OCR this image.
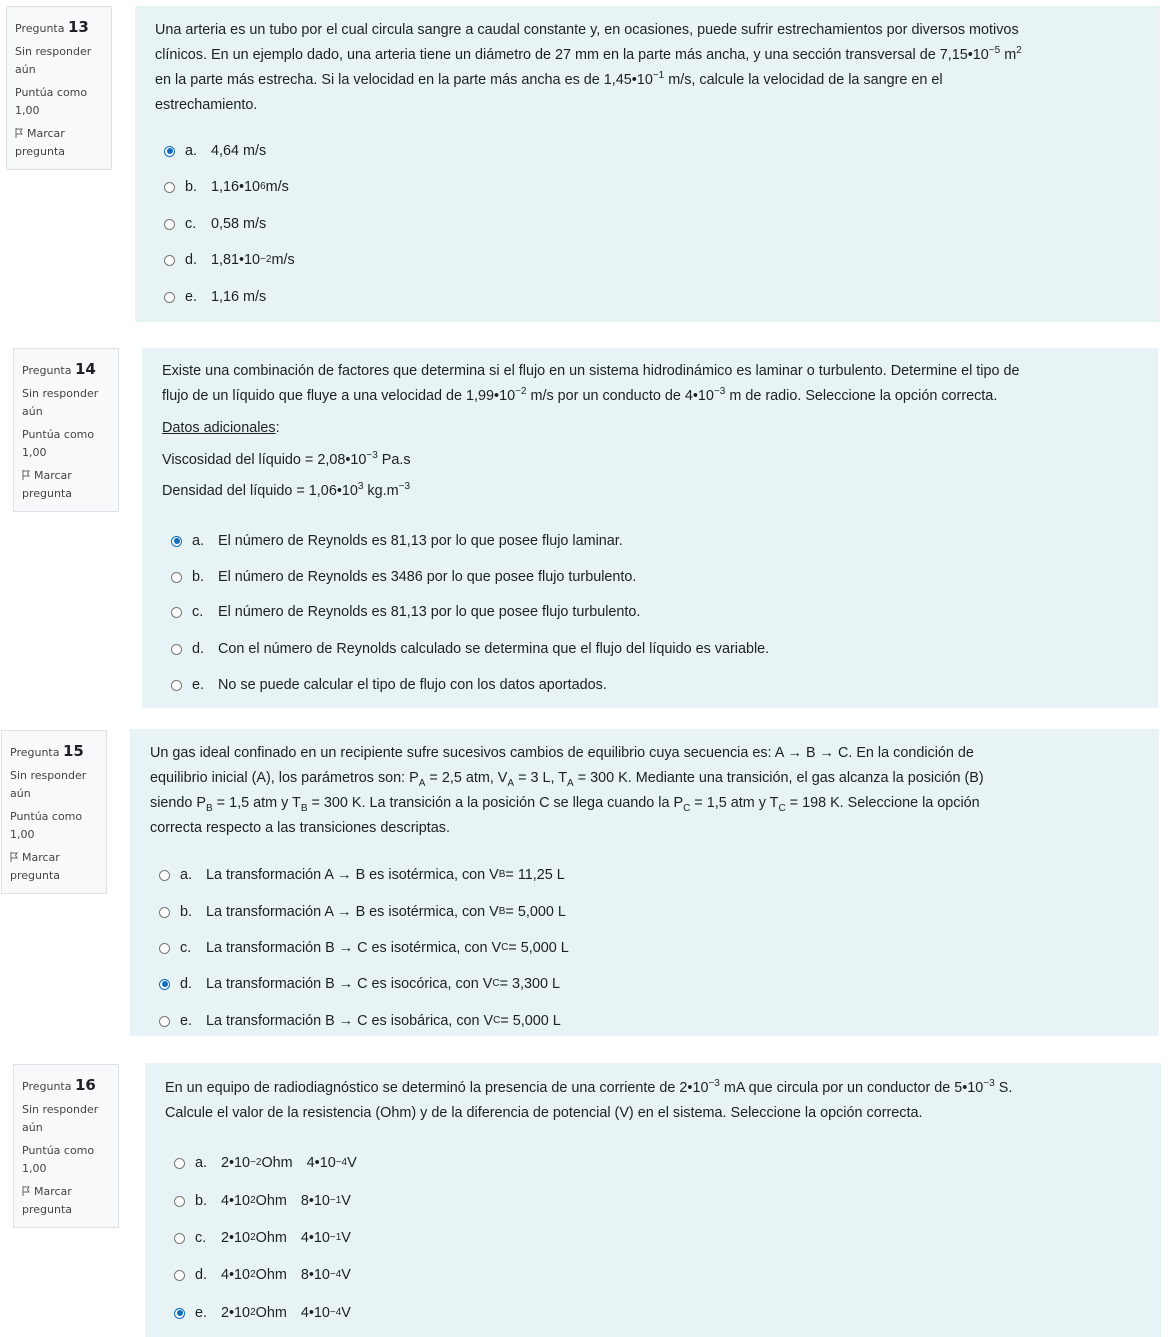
Pregunta 13
Sin responder aún
Puntúa como 1,00
Marcar pregunta
Una arteria es un tubo por el cual circula sangre a caudal constante y, en ocasiones, puede sufrir estrechamientos por diversos motivos
clínicos. En un ejemplo dado, una arteria tiene un diámetro de 27 mm en la parte más ancha, y una sección transversal de $7,15•10^{-5}$ $m^2$
en la parte más estrecha. Si la velocidad en la parte más ancha es de $1,45•10^{-1}$ m/s, calcule la velocidad de la sangre en el
estrechamiento.
a. 4,64 m/s
b. 1,16•10 6 m/s
c.	0,58 m/s
d. 1,81•10 −2 m/s
e. 1,16 m/s
Pregunta 14
Sin responder aún
Puntúa como 1,00
Marcar pregunta
Existe una combinación de factores que determina si el flujo en un sistema hidrodinámico es laminar o turbulento. Determine el tipo de
flujo de un líquido que fluye a una velocidad de $1,99•10^{-2}$ m/s por un conducto de $4•10^{-3}$ m de radio. Seleccione la opción correcta.
Datos adicionales:
Viscosidad del líquido = $2,08•10^{-3}$ Pa.s
Densidad del líquido = $1,06•10^3$ $kg.m^{-3}$
a. El número de Reynolds es 81,13 por lo que posee flujo laminar.
b. El número de Reynolds es 3486 por lo que posee flujo turbulento.
c.	El número de Reynolds es 81,13 por lo que posee flujo turbulento.
d. Con el número de Reynolds calculado se determina que el flujo del líquido es variable.
e. No se puede calcular el tipo de flujo con los datos aportados.
Pregunta 15
Sin responder aún
Puntúa como 1,00
Marcar pregunta
Un gas ideal confinado en un recipiente sufre sucesivos cambios de equilibrio cuya secuencia es: A → B → C. En la condición de
equilibrio inicial (A), los parámetros son: $P_A = 2,5$ atm, $V_A = 3$ L, $T_A = 300$ K. Mediante una transición, el gas alcanza la posición (B)
siendo $P_B = 1,5$ atm y $T_B = 300$ K. La transición a la posición C se llega cuando la $P_C = 1,5$ atm y $T_C = 198$ K. Seleccione la opción
correcta respecto a las transiciones descriptas.
a. La transformación A → B es isotérmica, con V B = 11,25 L
b. La transformación A → B es isotérmica, con V B = 5,000 L
c.	La transformación B → C es isotérmica, con V C = 5,000 L
d. La transformación B → C es isocórica, con V C = 3,300 L
e. La transformación B → C es isobárica, con V C = 5,000 L
Pregunta 16
Sin responder aún
Puntúa como 1,00
Marcar pregunta
En un equipo de radiodiagnóstico se determinó la presencia de una corriente de $2•10^{-3}$ mA que circula por un conductor de $5•10^{-3}$ S.
Calcule el valor de la resistencia (Ohm) y de la diferencia de potencial (V) en el sistema. Seleccione la opción correcta.
a. 2•10 −2 Ohm 4•10 −4 V
b. 4•10 2 Ohm 8•10 −1 V
c.	2•10 2 Ohm 4•10 −1 V
d. 4•10 2 Ohm 8•10 −4 V
e. 2•10 2 Ohm 4•10 −4 V
